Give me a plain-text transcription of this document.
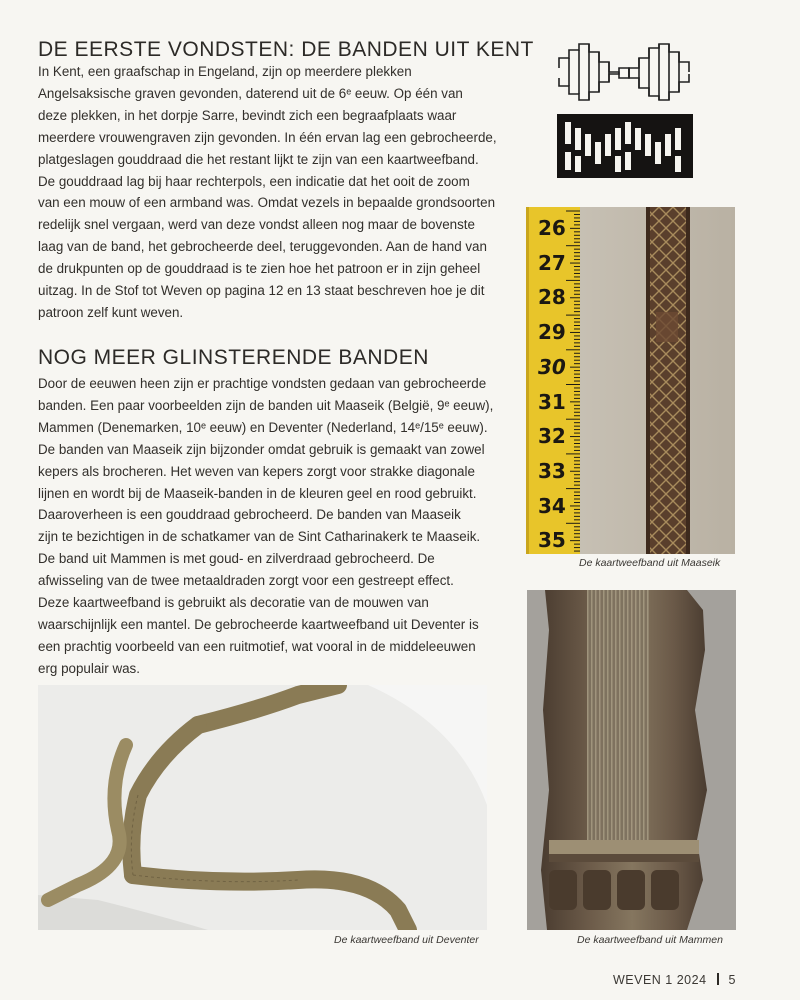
DE EERSTE VONDSTEN: DE BANDEN UIT KENT
In Kent, een graafschap in Engeland, zijn op meerdere plekken
Angelsaksische graven gevonden, daterend uit de 6ᵉ eeuw. Op één van
deze plekken, in het dorpje Sarre, bevindt zich een begraafplaats waar
meerdere vrouwengraven zijn gevonden. In één ervan lag een gebrocheerde,
platgeslagen gouddraad die het restant lijkt te zijn van een kaartweefband.
De gouddraad lag bij haar rechterpols, een indicatie dat het ooit de zoom
van een mouw of een armband was. Omdat vezels in bepaalde grondsoorten
redelijk snel vergaan, werd van deze vondst alleen nog maar de bovenste
laag van de band, het gebrocheerde deel, teruggevonden. Aan de hand van
de drukpunten op de gouddraad is te zien hoe het patroon er in zijn geheel
uitzag. In de Stof tot Weven op pagina 12 en 13 staat beschreven hoe je dit
patroon zelf kunt weven.
NOG MEER GLINSTERENDE BANDEN
Door de eeuwen heen zijn er prachtige vondsten gedaan van gebrocheerde
banden. Een paar voorbeelden zijn de banden uit Maaseik (België, 9ᵉ eeuw),
Mammen (Denemarken, 10ᵉ eeuw) en Deventer (Nederland, 14ᵉ/15ᵉ eeuw).
De banden van Maaseik zijn bijzonder omdat gebruik is gemaakt van zowel
kepers als brocheren. Het weven van kepers zorgt voor strakke diagonale
lijnen en wordt bij de Maaseik-banden in de kleuren geel en rood gebruikt.
Daaroverheen is een gouddraad gebrocheerd. De banden van Maaseik
zijn te bezichtigen in de schatkamer van de Sint Catharinakerk te Maaseik.
De band uit Mammen is met goud- en zilverdraad gebrocheerd. De
afwisseling van de twee metaaldraden zorgt voor een gestreept effect.
Deze kaartweefband is gebruikt als decoratie van de mouwen van
waarschijnlijk een mantel. De gebrocheerde kaartweefband uit Deventer is
een prachtig voorbeeld van een ruitmotief, wat vooral in de middeleeuwen
erg populair was.
26
27
28
29
30
31
32
33
34
35
De kaartweefband uit Maaseik
De kaartweefband uit Mammen
De kaartweefband uit Deventer
WEVEN 1 2024 5
